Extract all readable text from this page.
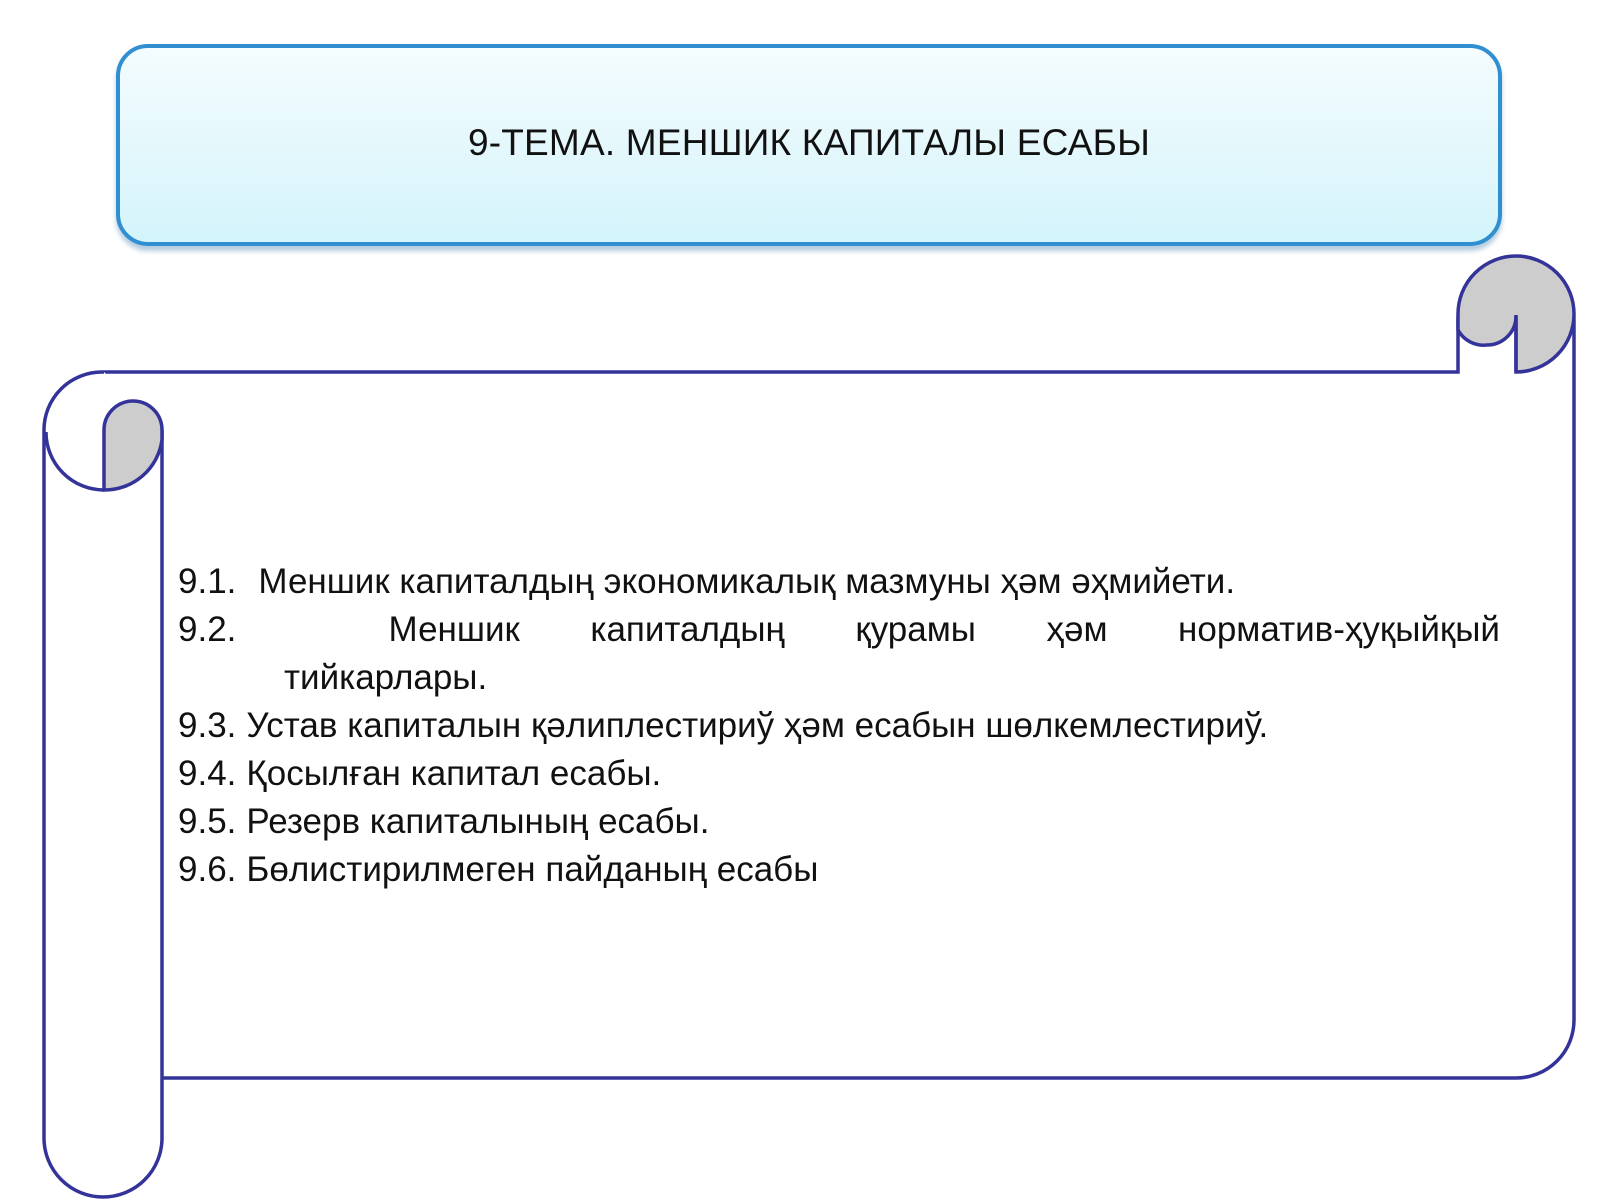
9-ТЕМА. МЕНШИК КАПИТАЛЫ ЕСАБЫ
9.1. Меншик капиталдың экономикалық мазмуны ҳәм әҳмийети.
9.2.	Меншик капиталдың қурамы ҳәм норматив-ҳуқыйқый
тийкарлары.
9.3. Устав капиталын қәлиплестириў ҳәм есабын шөлкемлестириў.
9.4. Қосылған капитал есабы.
9.5. Резерв капиталының есабы.
9.6. Бөлистирилмеген пайданың есабы
